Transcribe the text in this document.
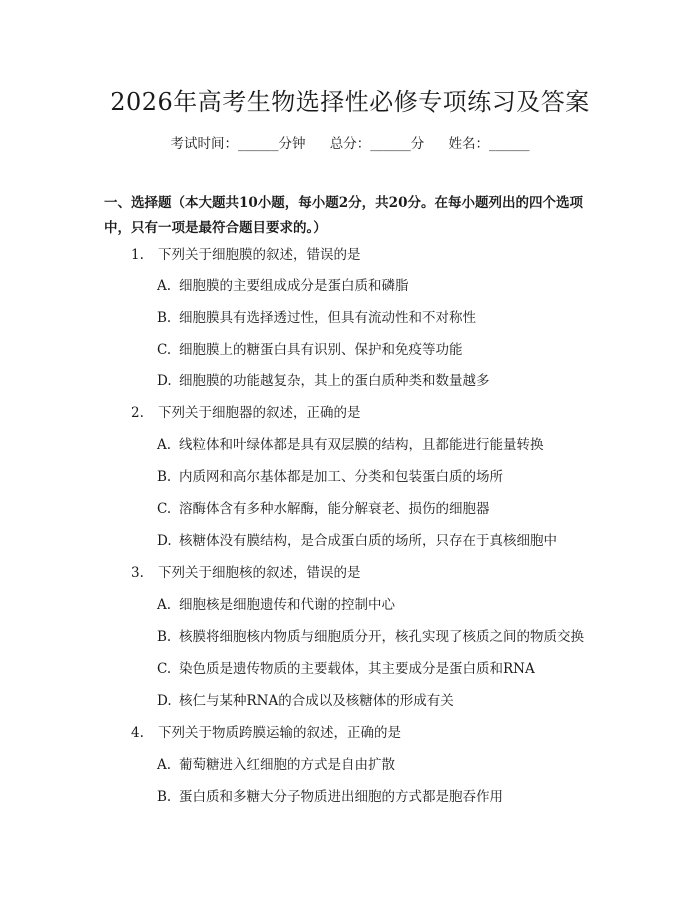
2026年高考生物选择性必修专项练习及答案
考试时间：______分钟 总分：______分 姓名：______
一、选择题（本大题共10小题，每小题2分，共20分。在每小题列出的四个选项中，只有一项是最符合题目要求的。）
1. 下列关于细胞膜的叙述，错误的是
A. 细胞膜的主要组成成分是蛋白质和磷脂
B. 细胞膜具有选择透过性，但具有流动性和不对称性
C. 细胞膜上的糖蛋白具有识别、保护和免疫等功能
D. 细胞膜的功能越复杂，其上的蛋白质种类和数量越多
2. 下列关于细胞器的叙述，正确的是
A. 线粒体和叶绿体都是具有双层膜的结构，且都能进行能量转换
B. 内质网和高尔基体都是加工、分类和包装蛋白质的场所
C. 溶酶体含有多种水解酶，能分解衰老、损伤的细胞器
D. 核糖体没有膜结构，是合成蛋白质的场所，只存在于真核细胞中
3. 下列关于细胞核的叙述，错误的是
A. 细胞核是细胞遗传和代谢的控制中心
B. 核膜将细胞核内物质与细胞质分开，核孔实现了核质之间的物质交换
C. 染色质是遗传物质的主要载体，其主要成分是蛋白质和RNA
D. 核仁与某种RNA的合成以及核糖体的形成有关
4. 下列关于物质跨膜运输的叙述，正确的是
A. 葡萄糖进入红细胞的方式是自由扩散
B. 蛋白质和多糖大分子物质进出细胞的方式都是胞吞作用
